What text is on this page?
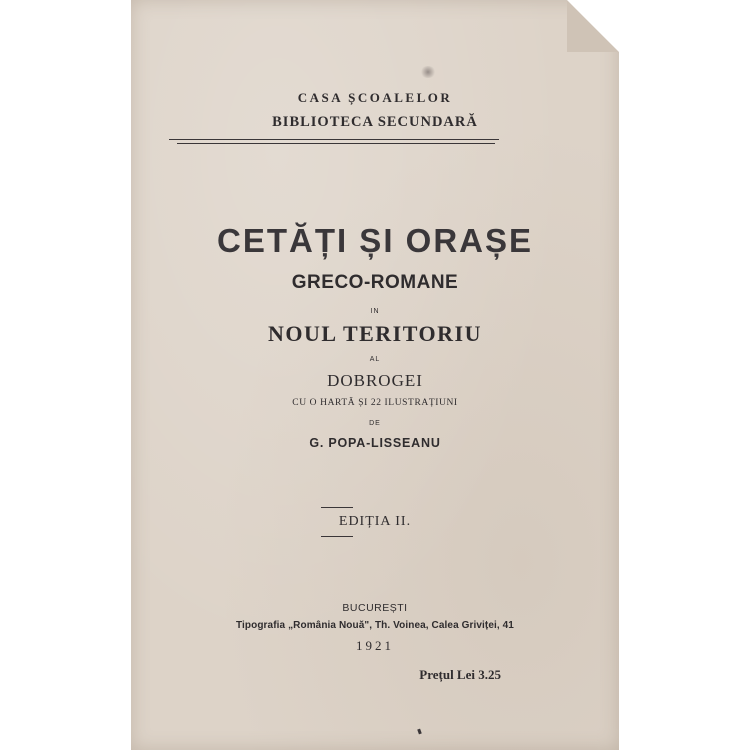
CASA ȘCOALELOR
BIBLIOTECA SECUNDARĂ
CETĂȚI ȘI ORAȘE
GRECO-ROMANE
IN
NOUL TERITORIU
AL
DOBROGEI
CU O HARTĂ ȘI 22 ILUSTRAȚIUNI
DE
G. POPA-LISSEANU
EDIȚIA II.
BUCUREȘTI
Tipografia „România Nouă", Th. Voinea, Calea Griviței, 41
1921
Prețul Lei 3.25
